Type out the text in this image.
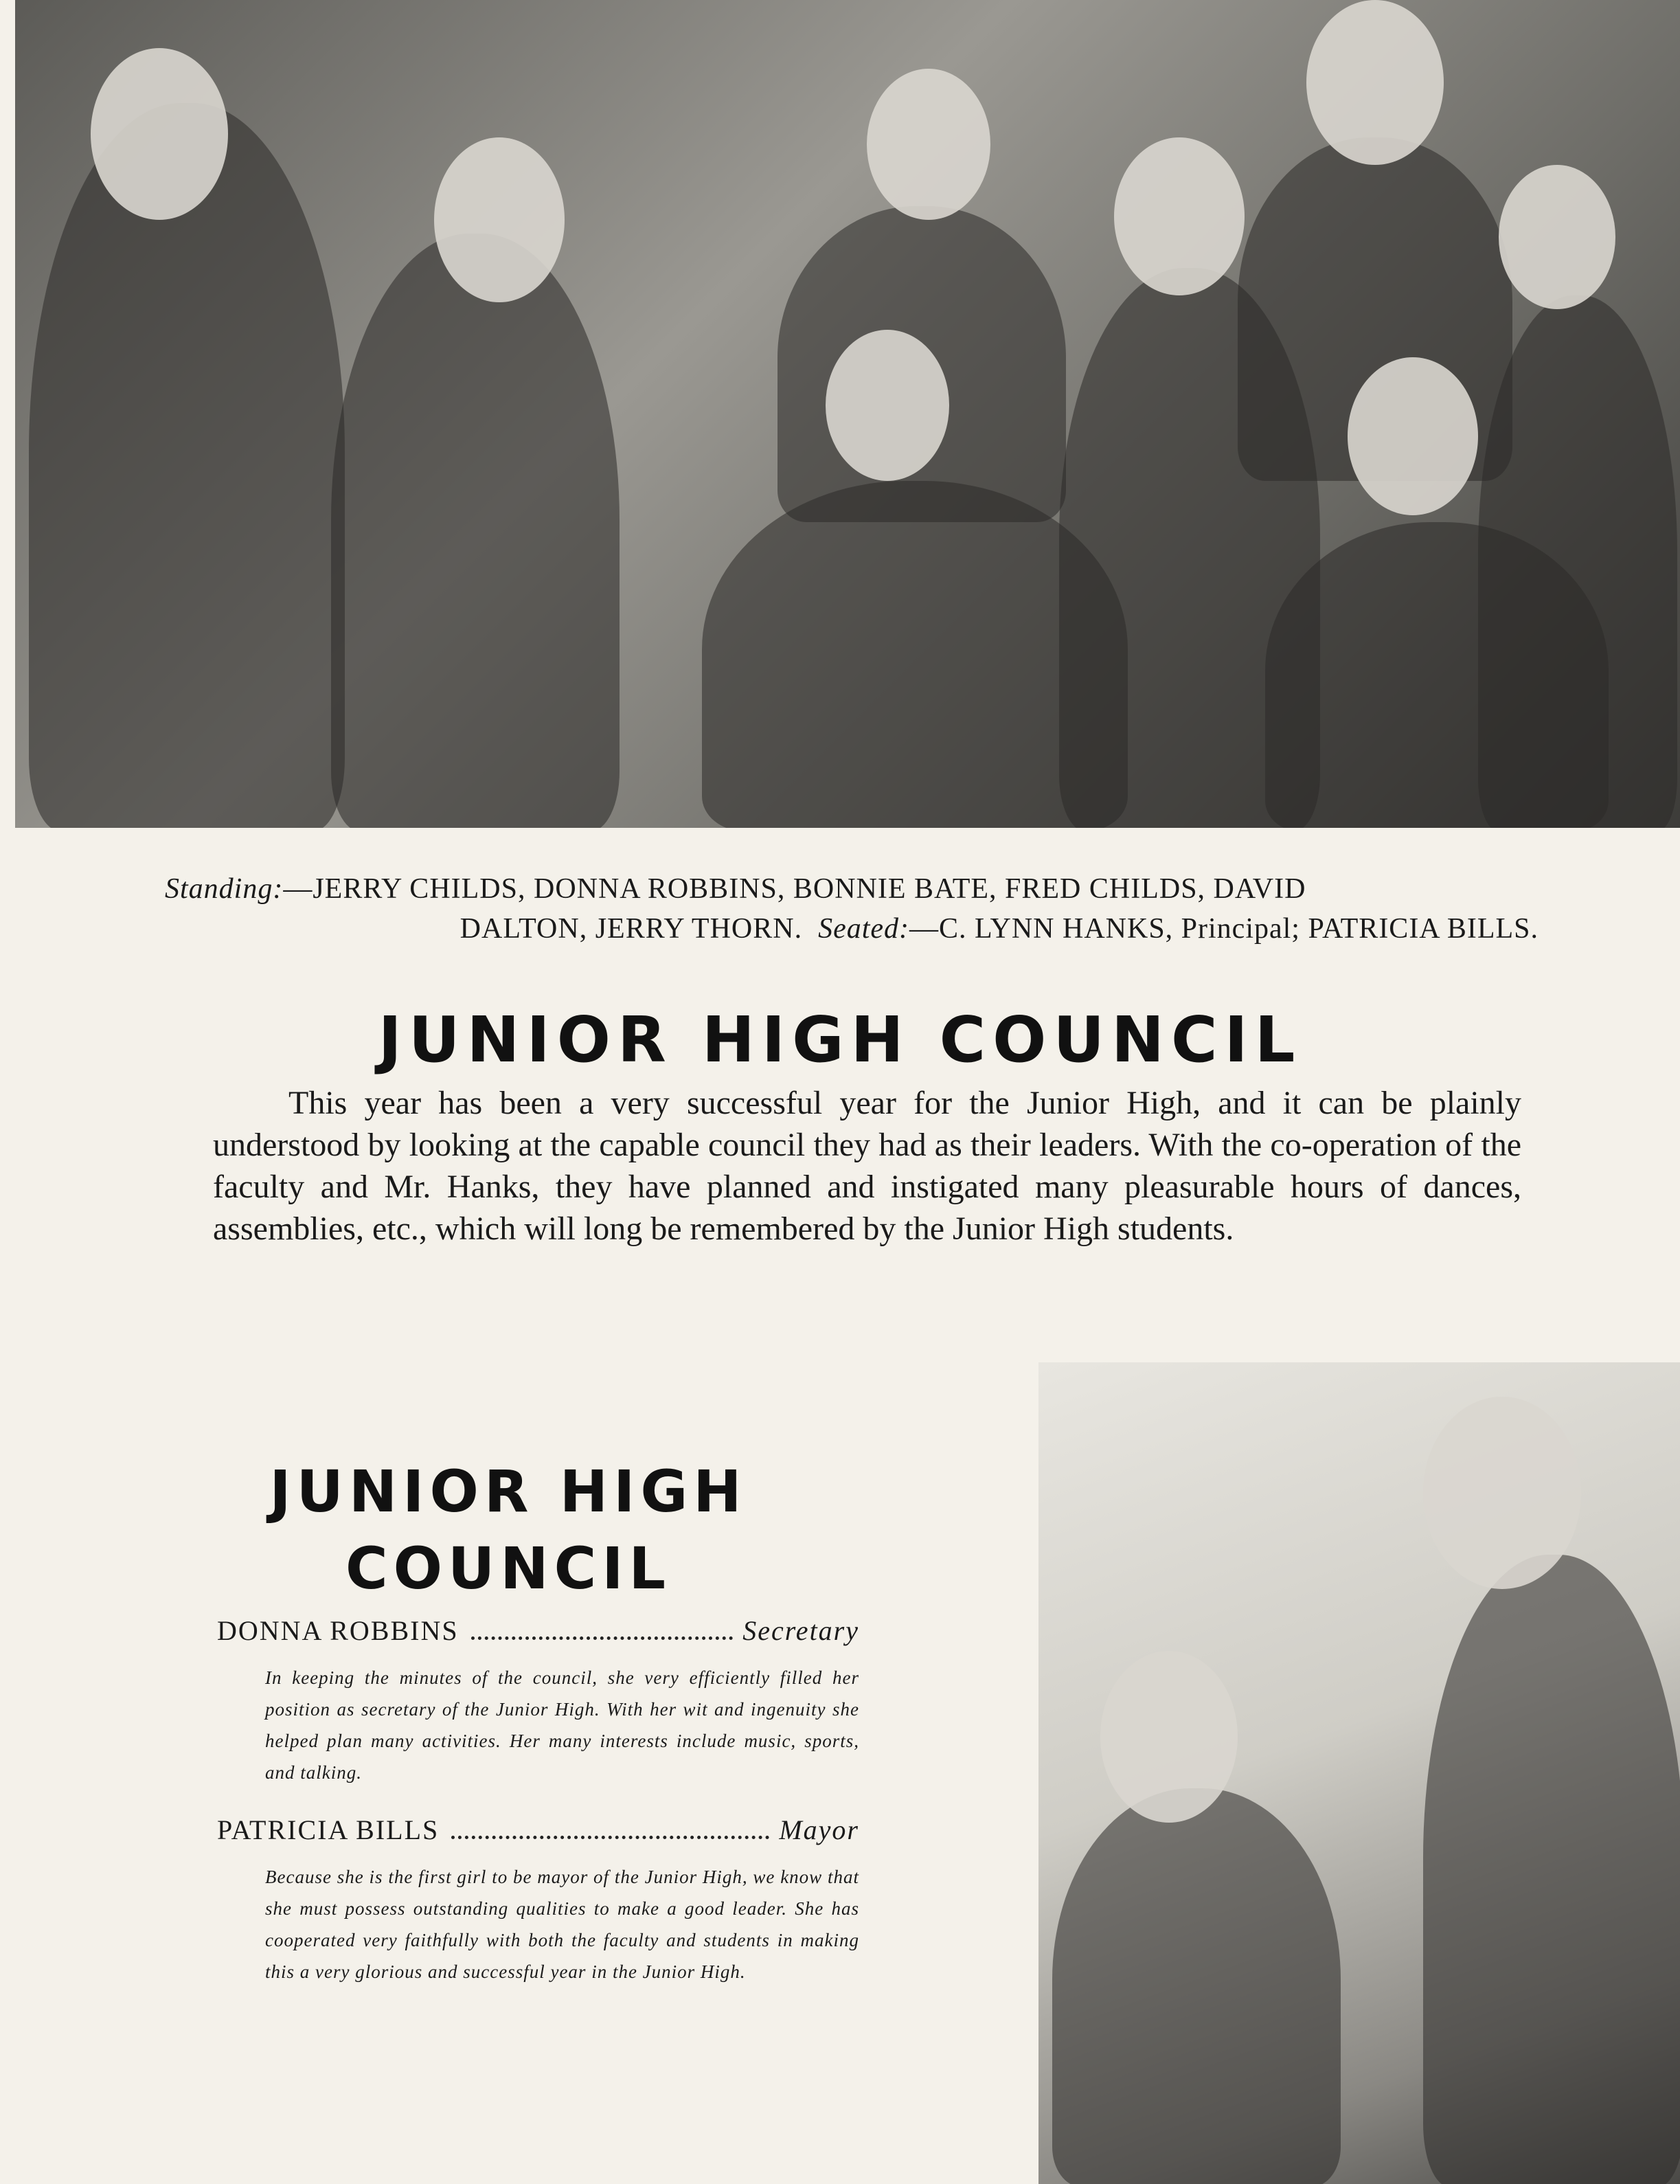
Standing:—JERRY CHILDS, DONNA ROBBINS, BONNIE BATE, FRED CHILDS, DAVID
DALTON, JERRY THORN. Seated:—C. LYNN HANKS, Principal; PATRICIA BILLS.
JUNIOR HIGH COUNCIL
This year has been a very successful year for the Junior High, and it can be plainly understood by looking at the capable council they had as their leaders. With the co-operation of the faculty and Mr. Hanks, they have planned and instigated many pleasurable hours of dances, assemblies, etc., which will long be remembered by the Junior High students.
JUNIOR HIGH
COUNCIL
DONNA ROBBINS	Secretary
In keeping the minutes of the council, she very efficiently filled her position as secretary of the Junior High. With her wit and ingenuity she helped plan many activities. Her many interests include music, sports, and talking.
PATRICIA BILLS	Mayor
Because she is the first girl to be mayor of the Junior High, we know that she must possess outstanding qualities to make a good leader. She has cooperated very faithfully with both the faculty and students in making this a very glorious and successful year in the Junior High.
